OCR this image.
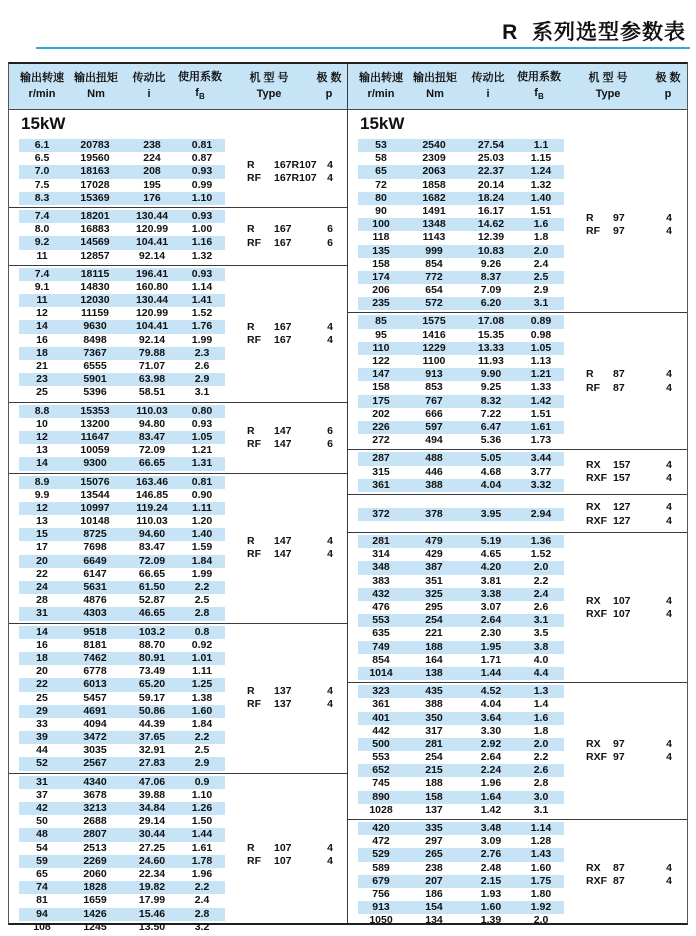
R  系列选型参数表
输出转速
r/min
输出扭矩
Nm
传动比
i
使用系数
$f_B$
机 型 号
Type
极 数
p
15kW
6.1	20783	238	0.81
6.5	19560	224	0.87
7.0	18163	208	0.93
7.5	17028	195	0.99
8.3	15369	176	1.10
R	167R107	4
RF	167R107	4
7.4	18201	130.44	0.93
8.0	16883	120.99	1.00
9.2	14569	104.41	1.16
11	12857	92.14	1.32
R	167	6
RF	167	6
7.4	18115	196.41	0.93
9.1	14830	160.80	1.14
11	12030	130.44	1.41
12	11159	120.99	1.52
14	9630	104.41	1.76
16	8498	92.14	1.99
18	7367	79.88	2.3
21	6555	71.07	2.6
23	5901	63.98	2.9
25	5396	58.51	3.1
R	167	4
RF	167	4
8.8	15353	110.03	0.80
10	13200	94.80	0.93
12	11647	83.47	1.05
13	10059	72.09	1.21
14	9300	66.65	1.31
R	147	6
RF	147	6
8.9	15076	163.46	0.81
9.9	13544	146.85	0.90
12	10997	119.24	1.11
13	10148	110.03	1.20
15	8725	94.60	1.40
17	7698	83.47	1.59
20	6649	72.09	1.84
22	6147	66.65	1.99
24	5631	61.50	2.2
28	4876	52.87	2.5
31	4303	46.65	2.8
R	147	4
RF	147	4
14	9518	103.2	0.8
16	8181	88.70	0.92
18	7462	80.91	1.01
20	6778	73.49	1.11
22	6013	65.20	1.25
25	5457	59.17	1.38
29	4691	50.86	1.60
33	4094	44.39	1.84
39	3472	37.65	2.2
44	3035	32.91	2.5
52	2567	27.83	2.9
R	137	4
RF	137	4
31	4340	47.06	0.9
37	3678	39.88	1.10
42	3213	34.84	1.26
50	2688	29.14	1.50
48	2807	30.44	1.44
54	2513	27.25	1.61
59	2269	24.60	1.78
65	2060	22.34	1.96
74	1828	19.82	2.2
81	1659	17.99	2.4
94	1426	15.46	2.8
108	1245	13.50	3.2
R	107	4
RF	107	4
输出转速
r/min
输出扭矩
Nm
传动比
i
使用系数
$f_B$
机 型 号
Type
极 数
p
15kW
53	2540	27.54	1.1
58	2309	25.03	1.15
65	2063	22.37	1.24
72	1858	20.14	1.32
80	1682	18.24	1.40
90	1491	16.17	1.51
100	1348	14.62	1.6
118	1143	12.39	1.8
135	999	10.83	2.0
158	854	9.26	2.4
174	772	8.37	2.5
206	654	7.09	2.9
235	572	6.20	3.1
R	97	4
RF	97	4
85	1575	17.08	0.89
95	1416	15.35	0.98
110	1229	13.33	1.05
122	1100	11.93	1.13
147	913	9.90	1.21
158	853	9.25	1.33
175	767	8.32	1.42
202	666	7.22	1.51
226	597	6.47	1.61
272	494	5.36	1.73
R	87	4
RF	87	4
287	488	5.05	3.44
315	446	4.68	3.77
361	388	4.04	3.32
RX	157	4
RXF 157	4
372	378	3.95	2.94
RX	127	4
RXF 127	4
281	479	5.19	1.36
314	429	4.65	1.52
348	387	4.20	2.0
383	351	3.81	2.2
432	325	3.38	2.4
476	295	3.07	2.6
553	254	2.64	3.1
635	221	2.30	3.5
749	188	1.95	3.8
854	164	1.71	4.0
1014	138	1.44	4.4
RX	107	4
RXF 107	4
323	435	4.52	1.3
361	388	4.04	1.4
401	350	3.64	1.6
442	317	3.30	1.8
500	281	2.92	2.0
553	254	2.64	2.2
652	215	2.24	2.6
745	188	1.96	2.8
890	158	1.64	3.0
1028	137	1.42	3.1
RX	97	4
RXF 97	4
420	335	3.48	1.14
472	297	3.09	1.28
529	265	2.76	1.43
589	238	2.48	1.60
679	207	2.15	1.75
756	186	1.93	1.80
913	154	1.60	1.92
1050	134	1.39	2.0
RX	87	4
RXF 87	4
